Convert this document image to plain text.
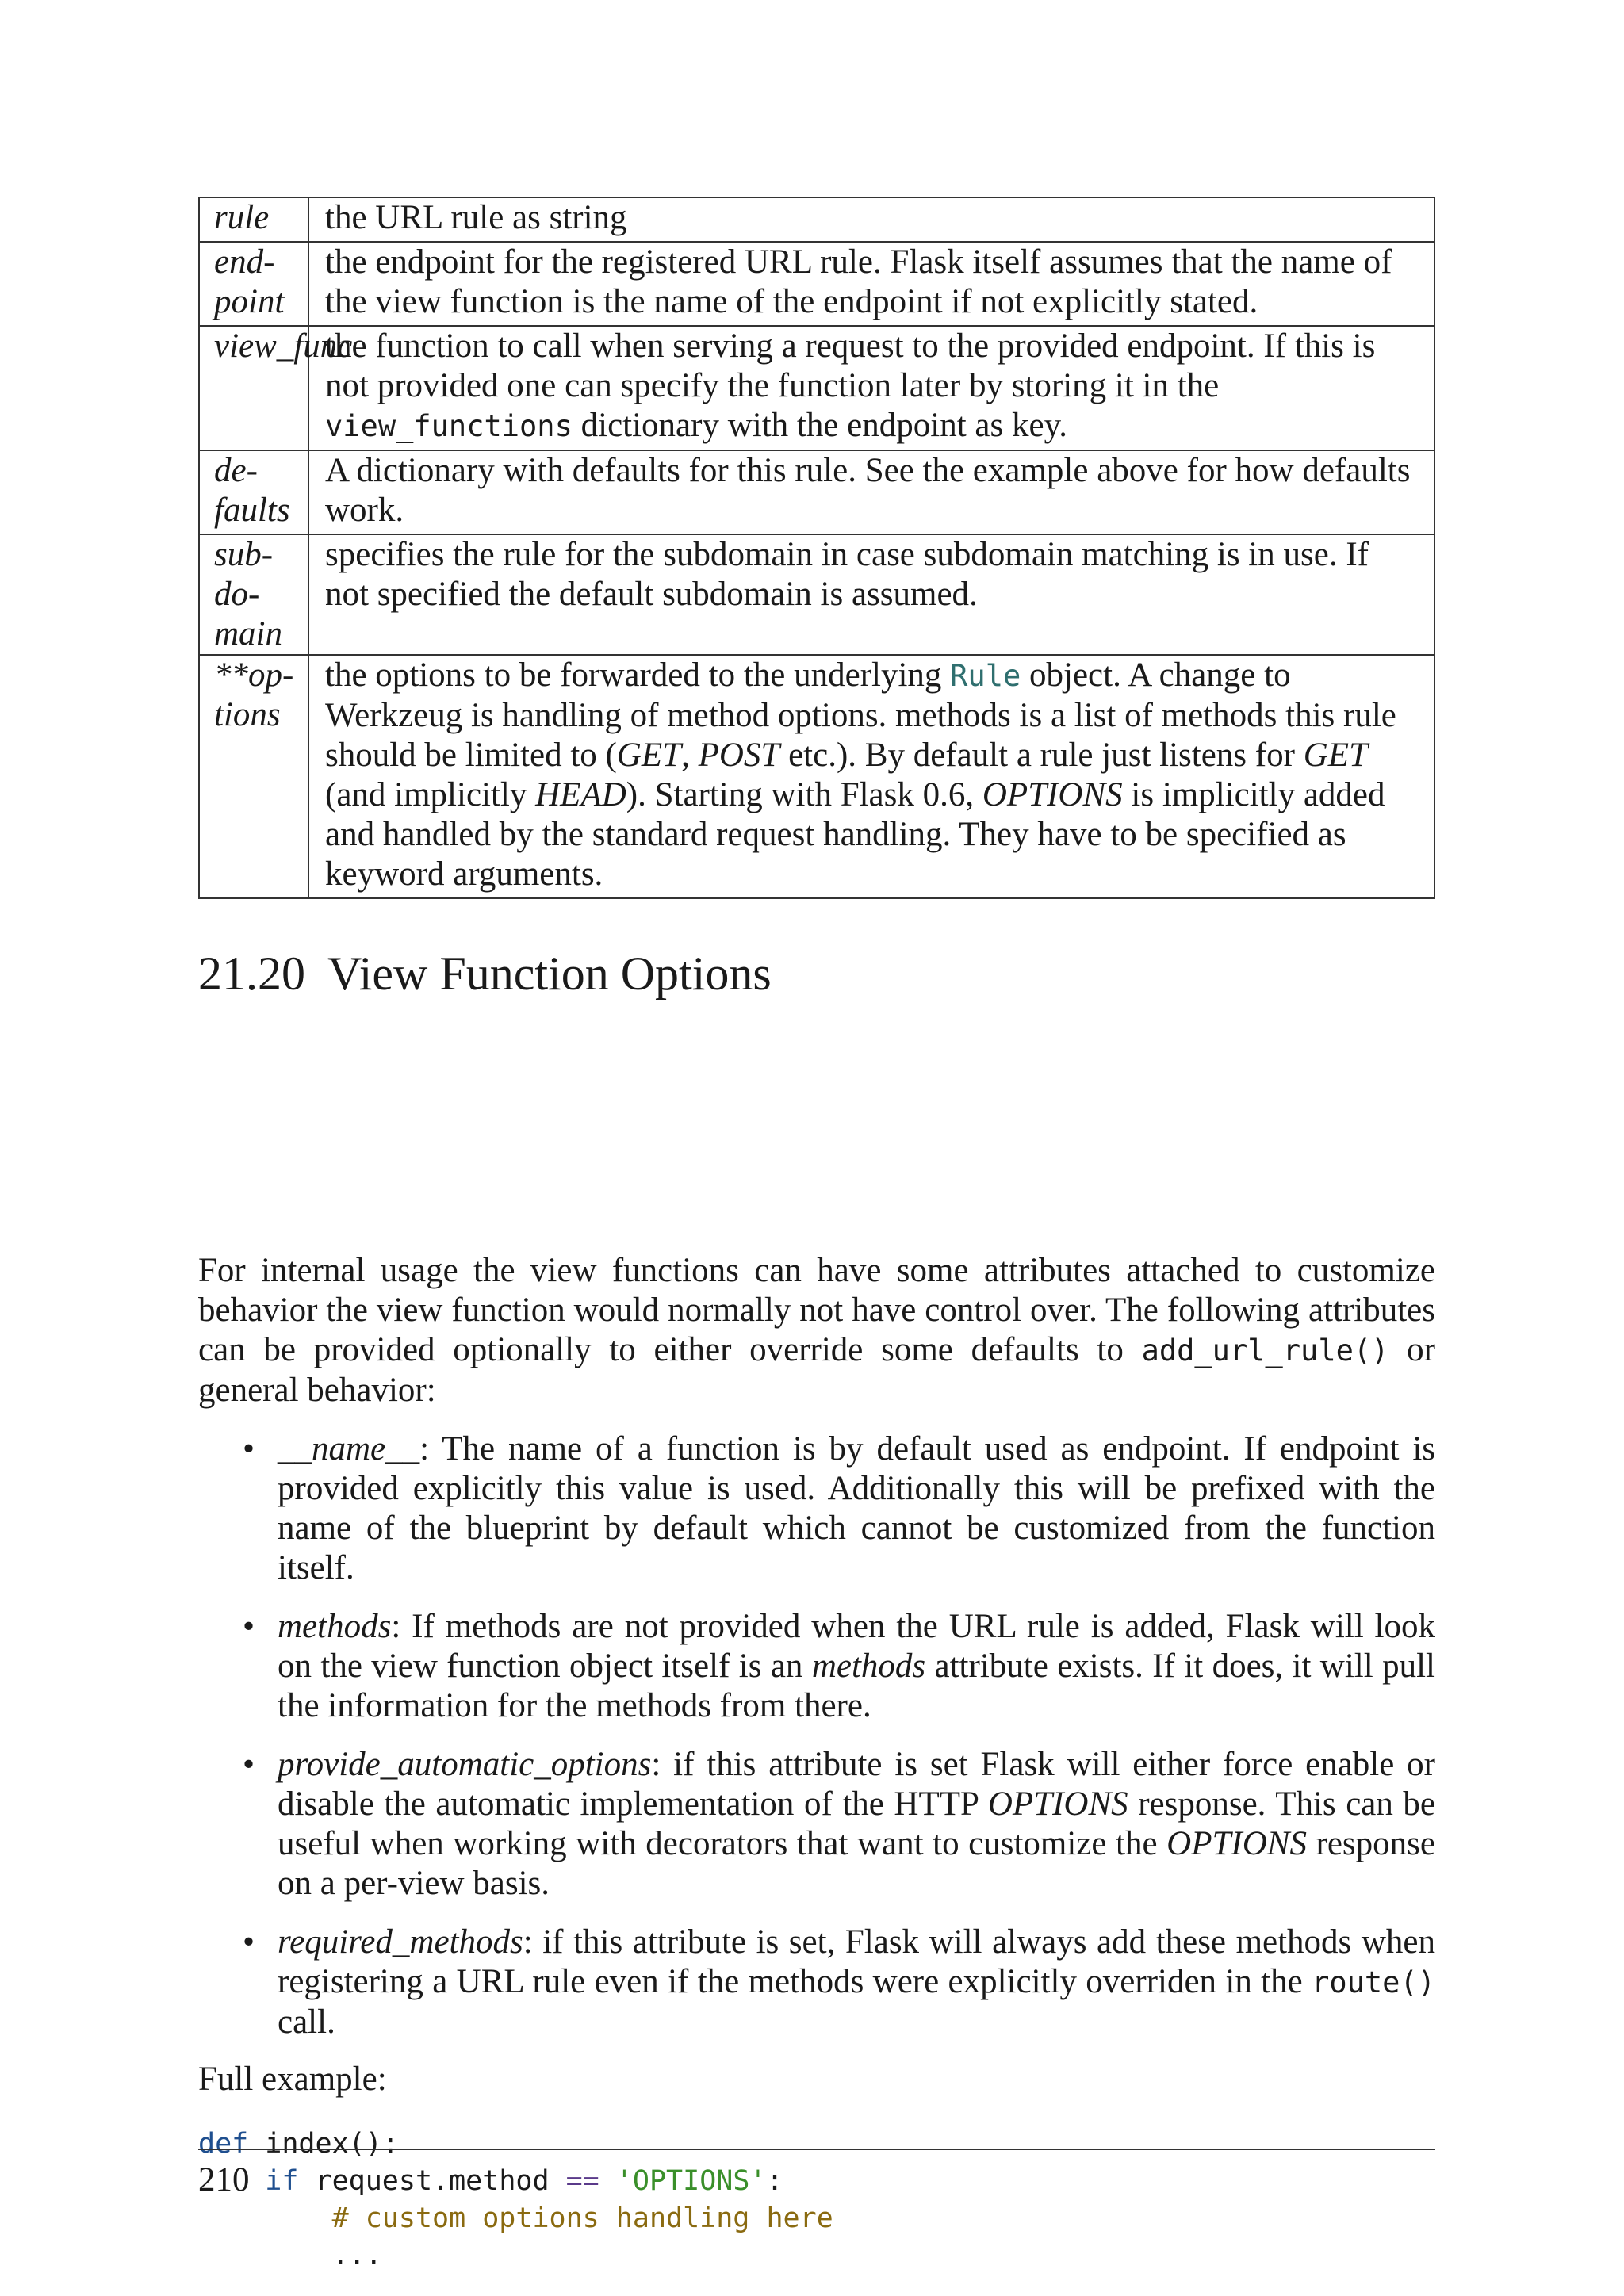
rule	the URL rule as string

end-
point	the endpoint for the registered URL rule. Flask itself assumes that the name of the view function is the name of the endpoint if not explicitly stated.

view_func	the function to call when serving a request to the provided endpoint. If this is not provided one can specify the function later by storing it in the view_functions dictionary with the endpoint as key.

de-
faults	A dictionary with defaults for this rule. See the example above for how defaults work.

sub-
do-
main	specifies the rule for the subdomain in case subdomain matching is in use. If not specified the default subdomain is assumed.

**op-
tions	the options to be forwarded to the underlying Rule object. A change to Werkzeug is handling of method options. methods is a list of methods this rule should be limited to (GET, POST etc.). By default a rule just listens for GET (and implicitly HEAD). Starting with Flask 0.6, OPTIONS is implicitly added and handled by the standard request handling. They have to be specified as keyword arguments.
21.20 View Function Options

For internal usage the view functions can have some attributes attached to customize behavior the view function would normally not have control over. The following attributes can be provided optionally to either override some defaults to add_url_rule() or general behavior:

• __name__: The name of a function is by default used as endpoint. If endpoint is provided explicitly this value is used. Additionally this will be prefixed with the name of the blueprint by default which cannot be customized from the function itself.
• methods: If methods are not provided when the URL rule is added, Flask will look on the view function object itself is an methods attribute exists. If it does, it will pull the information for the methods from there.
• provide_automatic_options: if this attribute is set Flask will either force enable or disable the automatic implementation of the HTTP OPTIONS response. This can be useful when working with decorators that want to customize the OPTIONS response on a per-view basis.
• required_methods: if this attribute is set, Flask will always add these methods when registering a URL rule even if the methods were explicitly overriden in the route() call.
Full example:
def index():
if request.method == 'OPTIONS':
# custom options handling here
...
210
